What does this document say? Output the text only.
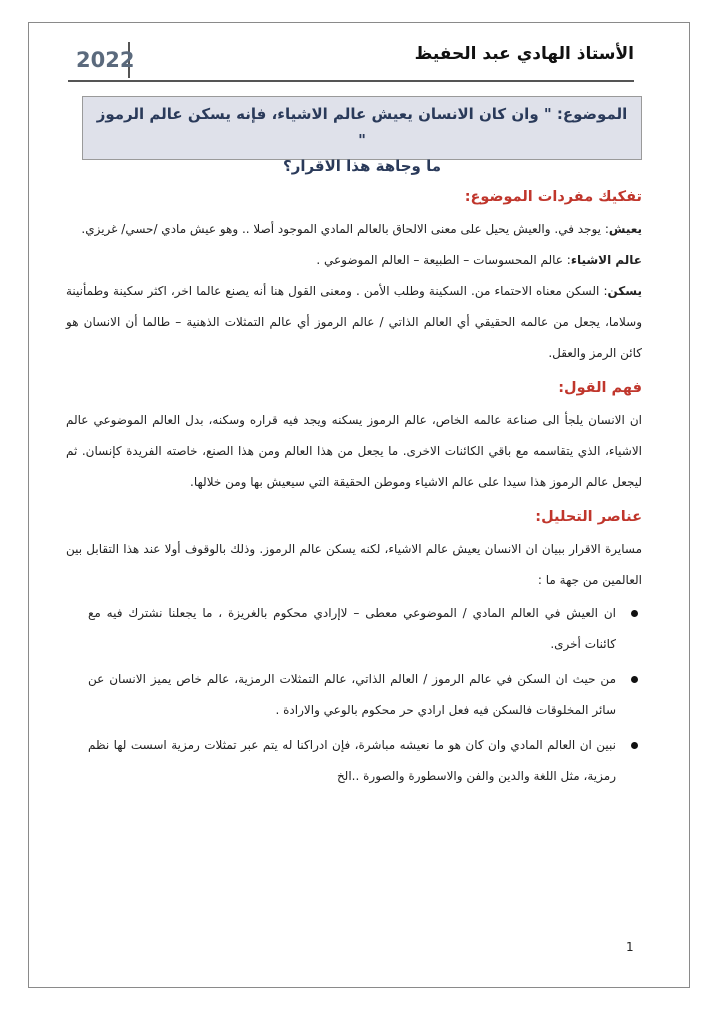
2022	الأستاذ الهادي عبد الحفيظ
الموضوع: " وان كان الانسان يعيش عالم الاشياء، فإنه يسكن عالم الرموز "
ما وجاهة هذا الاقرار؟
تفكيك مفردات الموضوع:

يعيش: يوجد في. والعيش يحيل على معنى الالحاق بالعالم المادي الموجود أصلا .. وهو عيش مادي /حسي/ غريزي.

عالم الاشياء: عالم المحسوسات – الطبيعة – العالم الموضوعي .

يسكن: السكن معناه الاحتماء من. السكينة وطلب الأمن . ومعنى القول هنا أنه يصنع عالما اخر، اكثر سكينة وطمأنينة وسلاما، يجعل من عالمه الحقيقي أي العالم الذاتي / عالم الرموز أي عالم التمثلات الذهنية – طالما أن الانسان هو كائن الرمز والعقل.

فهم القول:

ان الانسان يلجأ الى صناعة عالمه الخاص، عالم الرموز يسكنه ويجد فيه قراره وسكنه، بدل العالم الموضوعي عالم الاشياء، الذي يتقاسمه مع باقي الكائنات الاخرى. ما يجعل من هذا العالم ومن هذا الصنع، خاصته الفريدة كإنسان. ثم ليجعل عالم الرموز هذا سيدا على عالم الاشياء وموطن الحقيقة التي سيعيش بها ومن خلالها.

عناصر التحليل:

مسايرة الاقرار ببيان ان الانسان يعيش عالم الاشياء، لكنه يسكن عالم الرموز. وذلك بالوقوف أولا عند هذا التقابل بين العالمين من جهة ما :

ان العيش في العالم المادي / الموضوعي معطى – لاإرادي محكوم بالغريزة ، ما يجعلنا نشترك فيه مع كائنات أخرى.
من حيث ان السكن في عالم الرموز / العالم الذاتي، عالم التمثلات الرمزية، عالم خاص يميز الانسان عن سائر المخلوقات فالسكن فيه فعل ارادي حر محكوم بالوعي والارادة .
نبين ان العالم المادي وان كان هو ما نعيشه مباشرة، فإن ادراكنا له يتم عبر تمثلات رمزية اسست لها نظم رمزية، مثل اللغة والدين والفن والاسطورة والصورة ..الخ
1
